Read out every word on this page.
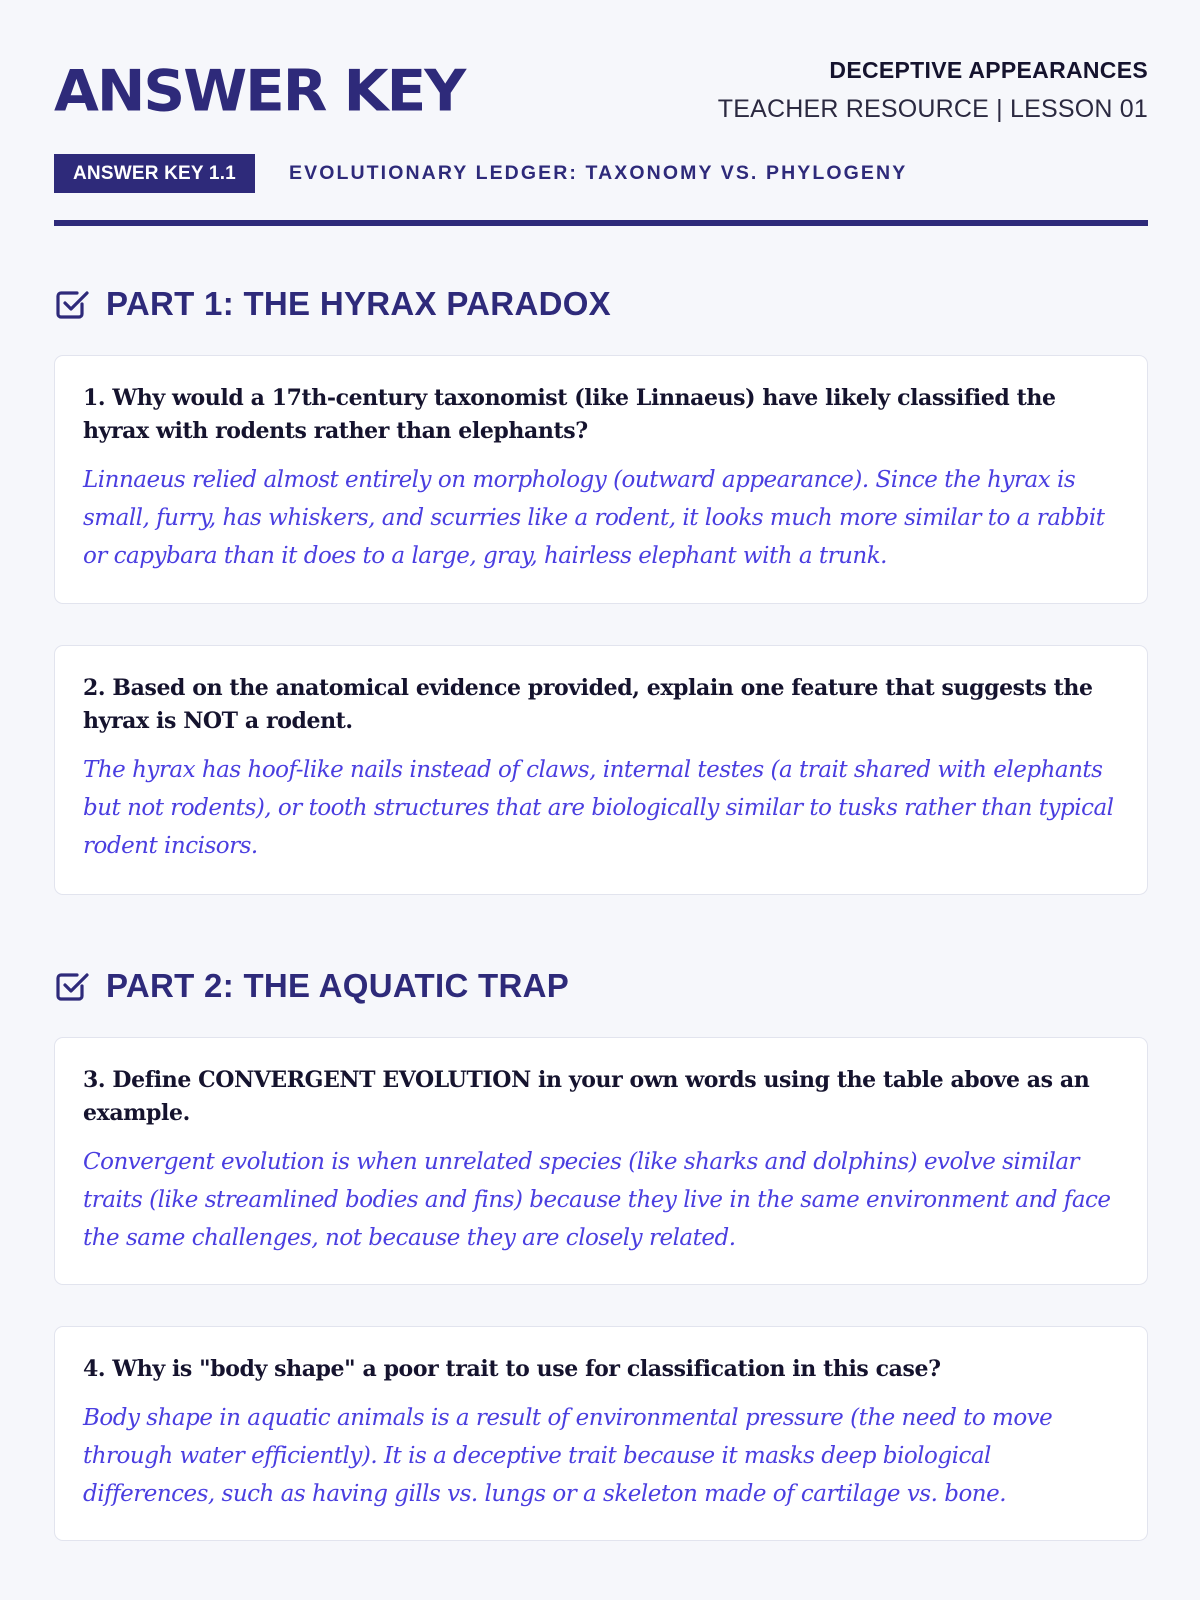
ANSWER KEY	DECEPTIVE APPEARANCES
TEACHER RESOURCE | LESSON 01
ANSWER KEY 1.1	EVOLUTIONARY LEDGER: TAXONOMY VS. PHYLOGENY
PART 1: THE HYRAX PARADOX
1. Why would a 17th-century taxonomist (like Linnaeus) have likely classified the hyrax with rodents rather than elephants?
Linnaeus relied almost entirely on morphology (outward appearance). Since the hyrax is small, furry, has whiskers, and scurries like a rodent, it looks much more similar to a rabbit or capybara than it does to a large, gray, hairless elephant with a trunk.
2. Based on the anatomical evidence provided, explain one feature that suggests the hyrax is NOT a rodent.
The hyrax has hoof-like nails instead of claws, internal testes (a trait shared with elephants but not rodents), or tooth structures that are biologically similar to tusks rather than typical rodent incisors.
PART 2: THE AQUATIC TRAP
3. Define CONVERGENT EVOLUTION in your own words using the table above as an example.
Convergent evolution is when unrelated species (like sharks and dolphins) evolve similar traits (like streamlined bodies and fins) because they live in the same environment and face the same challenges, not because they are closely related.
4. Why is "body shape" a poor trait to use for classification in this case?
Body shape in aquatic animals is a result of environmental pressure (the need to move through water efficiently). It is a deceptive trait because it masks deep biological differences, such as having gills vs. lungs or a skeleton made of cartilage vs. bone.
